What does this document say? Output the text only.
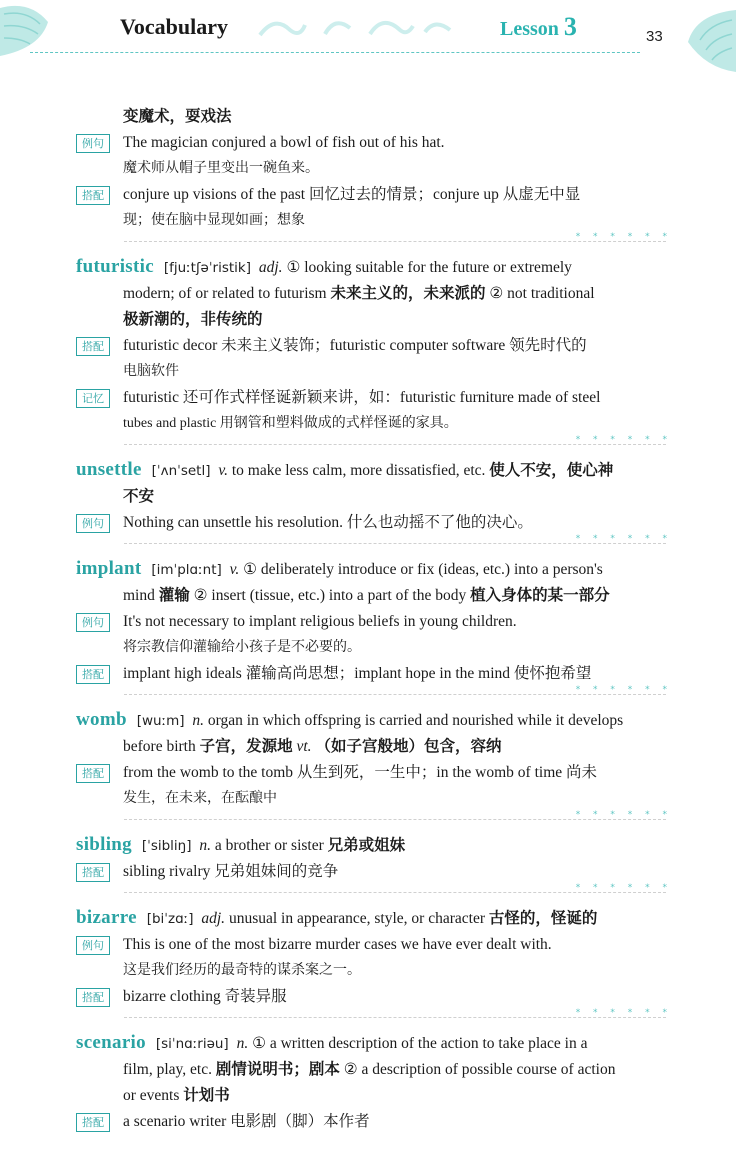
Vocabulary	Lesson 3	33
变魔术，耍戏法
例句	The magician conjured a bowl of fish out of his hat.
魔术师从帽子里变出一碗鱼来。
搭配	conjure up visions of the past 回忆过去的情景；conjure up 从虚无中显
现；使在脑中显现如画；想象
* * * * * *
futuristic [fjuːtʃəˈristik] adj. ① looking suitable for the future or extremely
modern; of or related to futurism 未来主义的，未来派的 ② not traditional
极新潮的，非传统的
搭配	futuristic decor 未来主义装饰；futuristic computer software 领先时代的
电脑软件
记忆	futuristic 还可作式样怪诞新颖来讲，如：futuristic furniture made of steel
tubes and plastic 用钢管和塑料做成的式样怪诞的家具。
* * * * * *
unsettle [ˈʌnˈsetl] v. to make less calm, more dissatisfied, etc. 使人不安，使心神
不安
例句	Nothing can unsettle his resolution. 什么也动摇不了他的决心。
* * * * * *
implant [imˈplɑːnt] v. ① deliberately introduce or fix (ideas, etc.) into a person's
mind 灌输 ② insert (tissue, etc.) into a part of the body 植入身体的某一部分
例句	It's not necessary to implant religious beliefs in young children.
将宗教信仰灌输给小孩子是不必要的。
搭配	implant high ideals 灌输高尚思想；implant hope in the mind 使怀抱希望
* * * * * *
womb [wuːm] n. organ in which offspring is carried and nourished while it develops
before birth 子宫，发源地 vt. （如子宫般地）包含，容纳
搭配	from the womb to the tomb 从生到死，一生中；in the womb of time 尚未
发生，在未来，在酝酿中
* * * * * *
sibling [ˈsibliŋ] n. a brother or sister 兄弟或姐妹
搭配	sibling rivalry 兄弟姐妹间的竞争
* * * * * *
bizarre [biˈzɑː] adj. unusual in appearance, style, or character 古怪的，怪诞的
例句	This is one of the most bizarre murder cases we have ever dealt with.
这是我们经历的最奇特的谋杀案之一。
搭配	bizarre clothing 奇装异服
* * * * * *
scenario [siˈnɑːriəu] n. ① a written description of the action to take place in a
film, play, etc. 剧情说明书；剧本 ② a description of possible course of action
or events 计划书
搭配	a scenario writer 电影剧（脚）本作者
